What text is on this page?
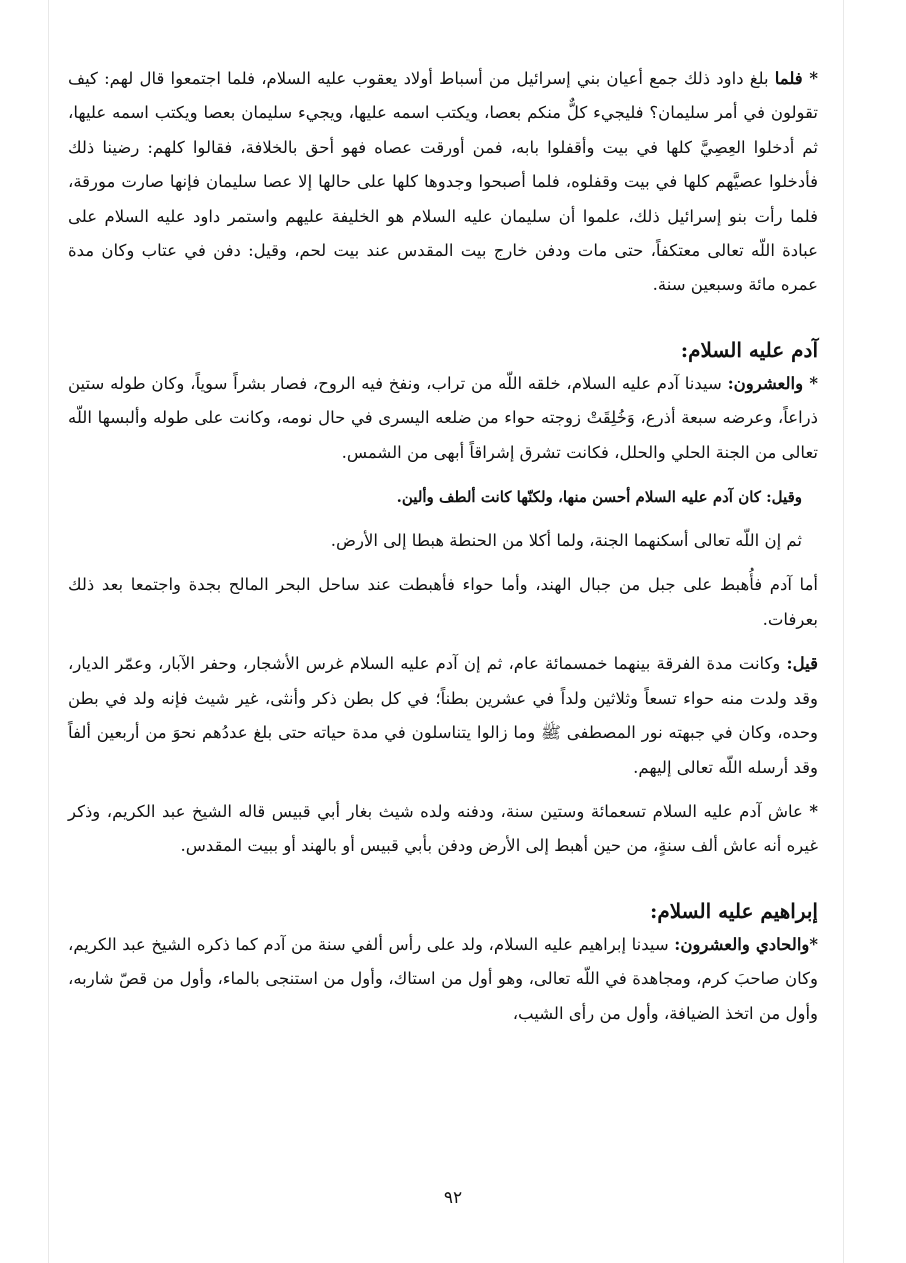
* فلما بلغ داود ذلك جمع أعيان بني إسرائيل من أسباط أولاد يعقوب عليه السلام، فلما اجتمعوا قال لهم: كيف تقولون في أمر سليمان؟ فليجيء كلٌّ منكم بعصا، ويكتب اسمه عليها، ويجيء سليمان بعصا ويكتب اسمه عليها، ثم أدخلوا العِصِيَّ كلها في بيت وأقفلوا بابه، فمن أورقت عصاه فهو أحق بالخلافة، فقالوا كلهم: رضينا ذلك فأدخلوا عصيَّهم كلها في بيت وقفلوه، فلما أصبحوا وجدوها كلها على حالها إلا عصا سليمان فإنها صارت مورقة، فلما رأت بنو إسرائيل ذلك، علموا أن سليمان عليه السلام هو الخليفة عليهم واستمر داود عليه السلام على عبادة اللّه تعالى معتكفاً، حتى مات ودفن خارج بيت المقدس عند بيت لحم، وقيل: دفن في عتاب وكان مدة عمره مائة وسبعين سنة.

آدم عليه السلام:

* والعشرون: سيدنا آدم عليه السلام، خلقه اللّه من تراب، ونفخ فيه الروح، فصار بشراً سوياً، وكان طوله ستين ذراعاً، وعرضه سبعة أذرع، وَخُلِقَتْ زوجته حواء من ضلعه اليسرى في حال نومه، وكانت على طوله وألبسها اللّه تعالى من الجنة الحلي والحلل، فكانت تشرق إشراقاً أبهى من الشمس.

وقيل: كان آدم عليه السلام أحسن منها، ولكنّها كانت ألطف وألين.

ثم إن اللّه تعالى أسكنهما الجنة، ولما أكلا من الحنطة هبطا إلى الأرض.

أما آدم فأُهبط على جبل من جبال الهند، وأما حواء فأهبطت عند ساحل البحر المالح بجدة واجتمعا بعد ذلك بعرفات.

قيل: وكانت مدة الفرقة بينهما خمسمائة عام، ثم إن آدم عليه السلام غرس الأشجار، وحفر الآبار، وعمّر الديار، وقد ولدت منه حواء تسعاً وثلاثين ولداً في عشرين بطناً؛ في كل بطن ذكر وأنثى، غير شيث فإنه ولد في بطن وحده، وكان في جبهته نور المصطفى ﷺ وما زالوا يتناسلون في مدة حياته حتى بلغ عددُهم نحوَ من أربعين ألفاً وقد أرسله اللّه تعالى إليهم.

* عاش آدم عليه السلام تسعمائة وستين سنة، ودفنه ولده شيث بغار أبي قبيس قاله الشيخ عبد الكريم، وذكر غيره أنه عاش ألف سنةٍ، من حين أهبط إلى الأرض ودفن بأبي قبيس أو بالهند أو ببيت المقدس.

إبراهيم عليه السلام:

*والحادي والعشرون: سيدنا إبراهيم عليه السلام، ولد على رأس ألفي سنة من آدم كما ذكره الشيخ عبد الكريم، وكان صاحبَ كرم، ومجاهدة في اللّه تعالى، وهو أول من استاك، وأول من استنجى بالماء، وأول من قصّ شاربه، وأول من اتخذ الضيافة، وأول من رأى الشيب،

٩٢
